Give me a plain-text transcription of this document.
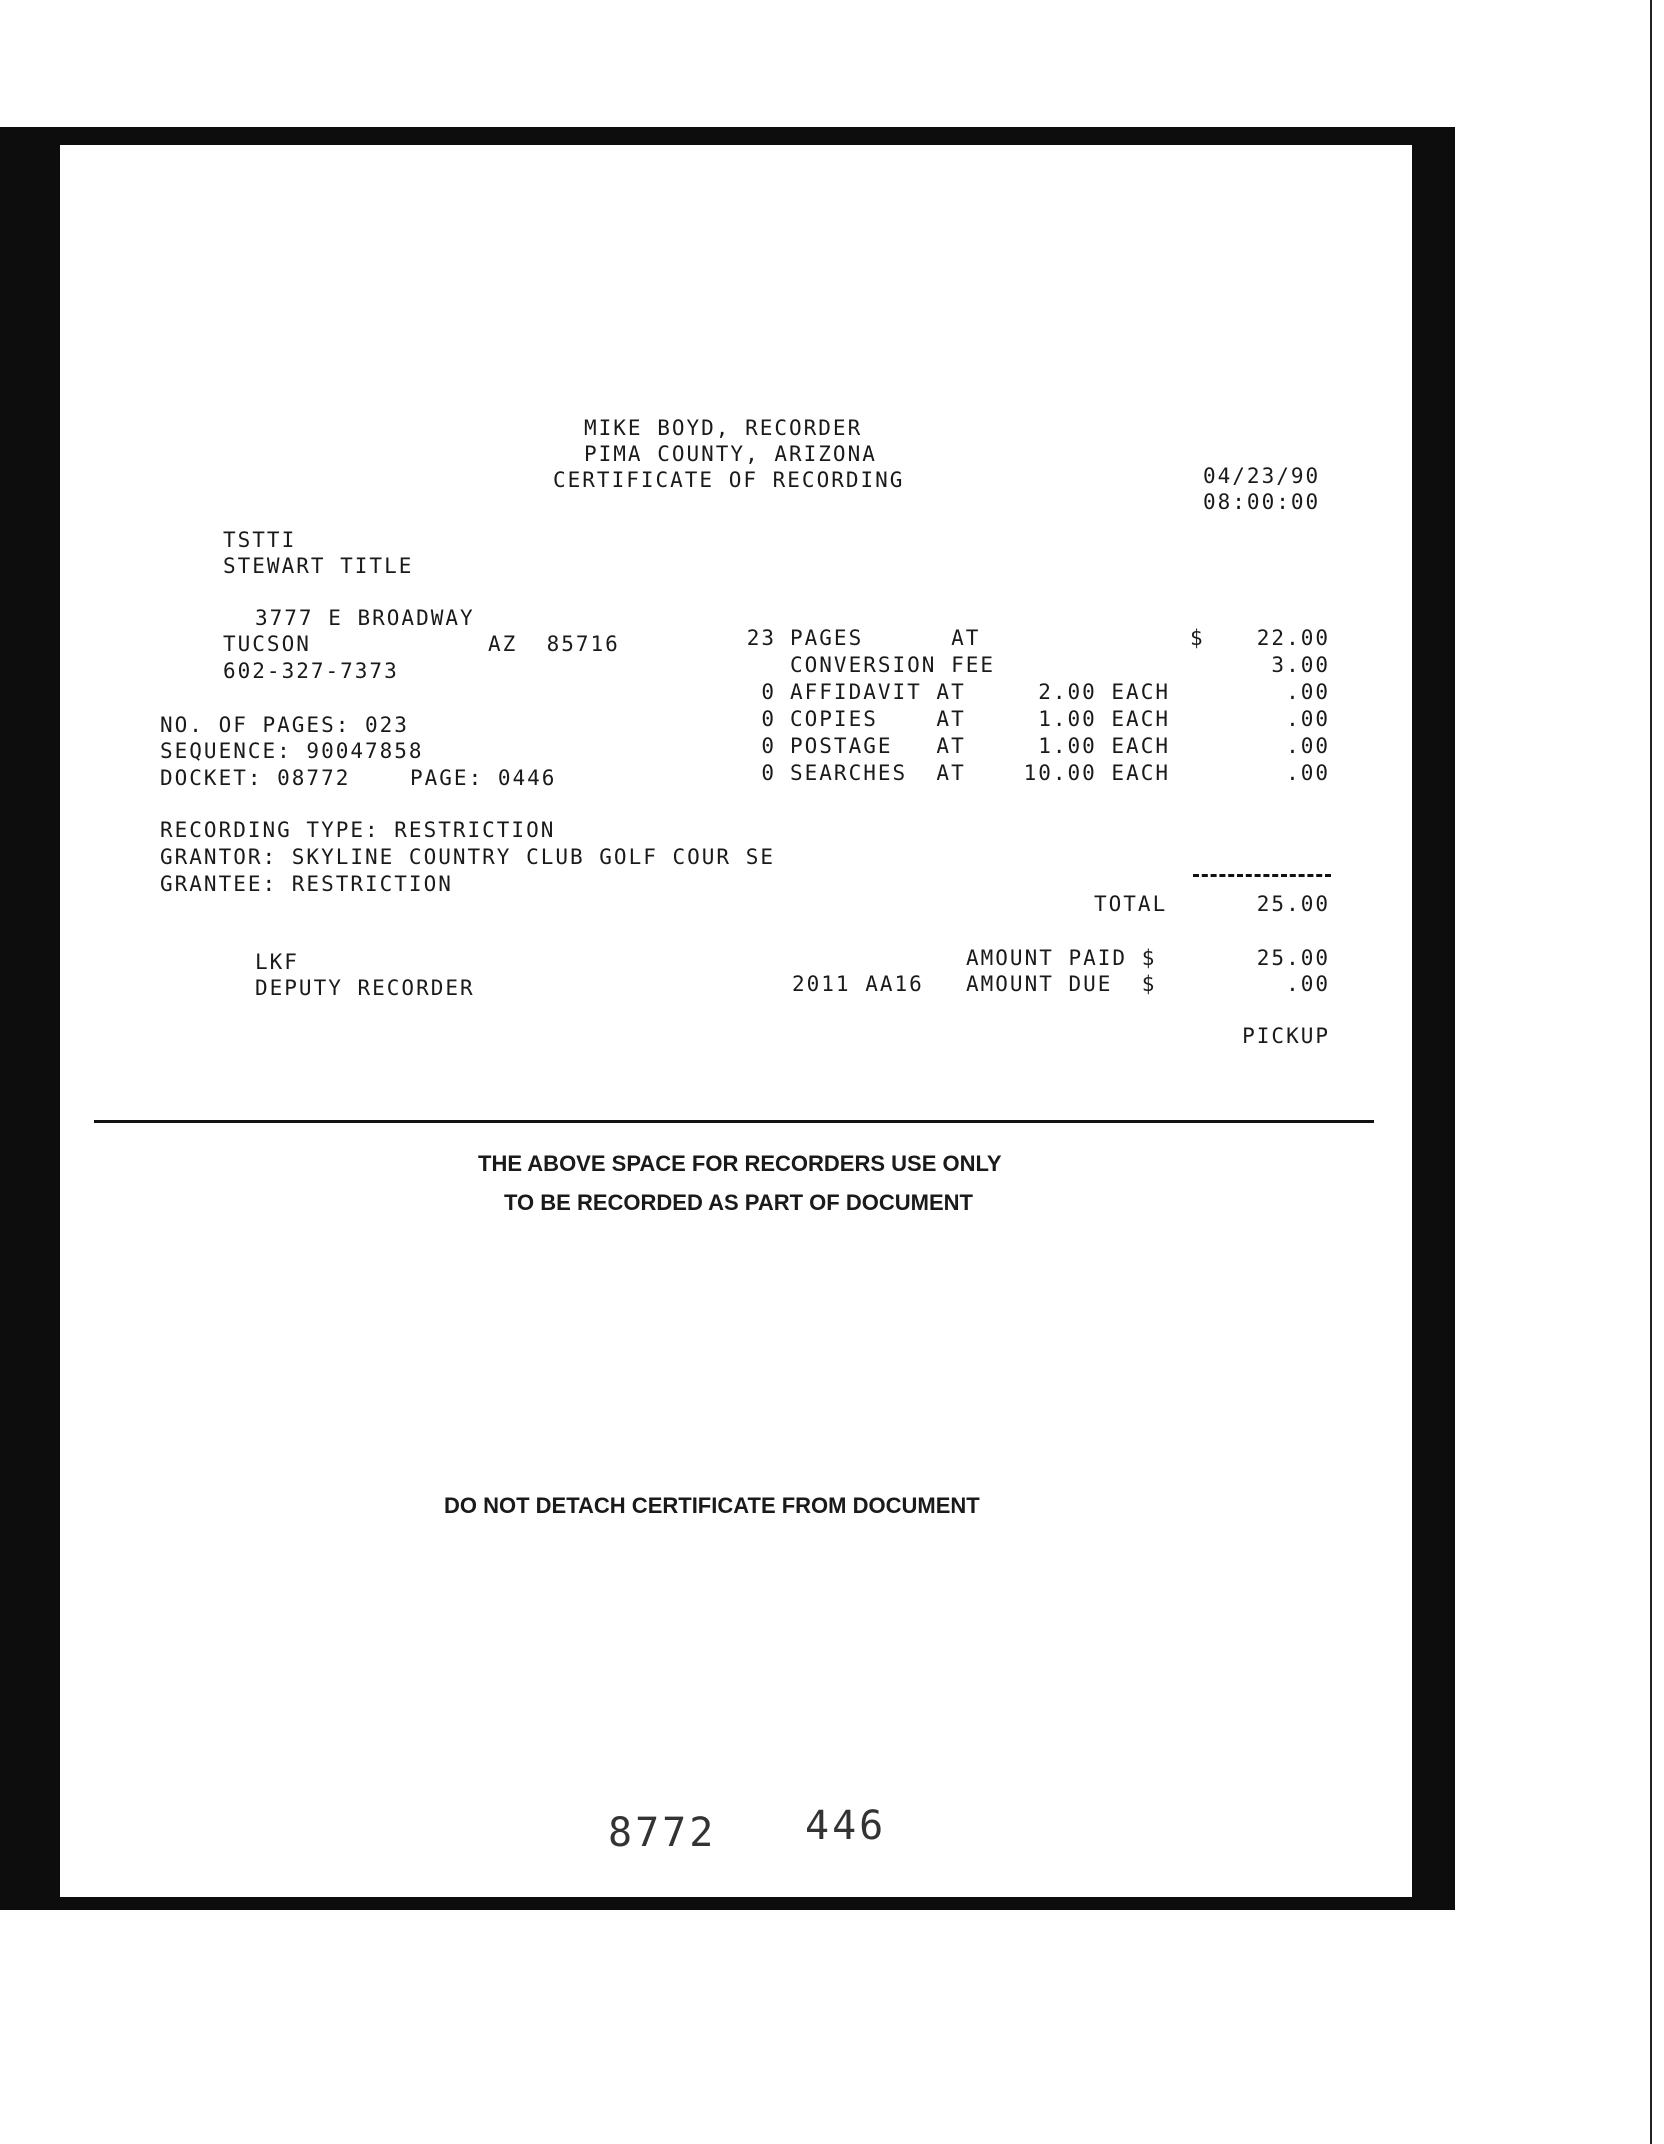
MIKE BOYD, RECORDER
PIMA COUNTY, ARIZONA
CERTIFICATE OF RECORDING	04/23/90
08:00:00
TSTTI
STEWART TITLE
3777 E BROADWAY
TUCSON	AZ  85716
602-327-7373
NO. OF PAGES: 023
SEQUENCE: 90047858
DOCKET: 08772	PAGE: 0446
23 PAGES      AT	$	22.00
CONVERSION FEE	3.00
0 AFFIDAVIT AT	2.00 EACH	.00
0 COPIES    AT	1.00 EACH	.00
0 POSTAGE   AT	1.00 EACH	.00
0 SEARCHES  AT	10.00 EACH	.00
RECORDING TYPE: RESTRICTION
GRANTOR: SKYLINE COUNTRY CLUB GOLF COUR SE
GRANTEE: RESTRICTION
TOTAL	25.00
AMOUNT PAID $	25.00
AMOUNT DUE  $	.00
PICKUP
LKF
DEPUTY RECORDER	2011 AA16
THE ABOVE SPACE FOR RECORDERS USE ONLY
TO BE RECORDED AS PART OF DOCUMENT
DO NOT DETACH CERTIFICATE FROM DOCUMENT
8772 446
